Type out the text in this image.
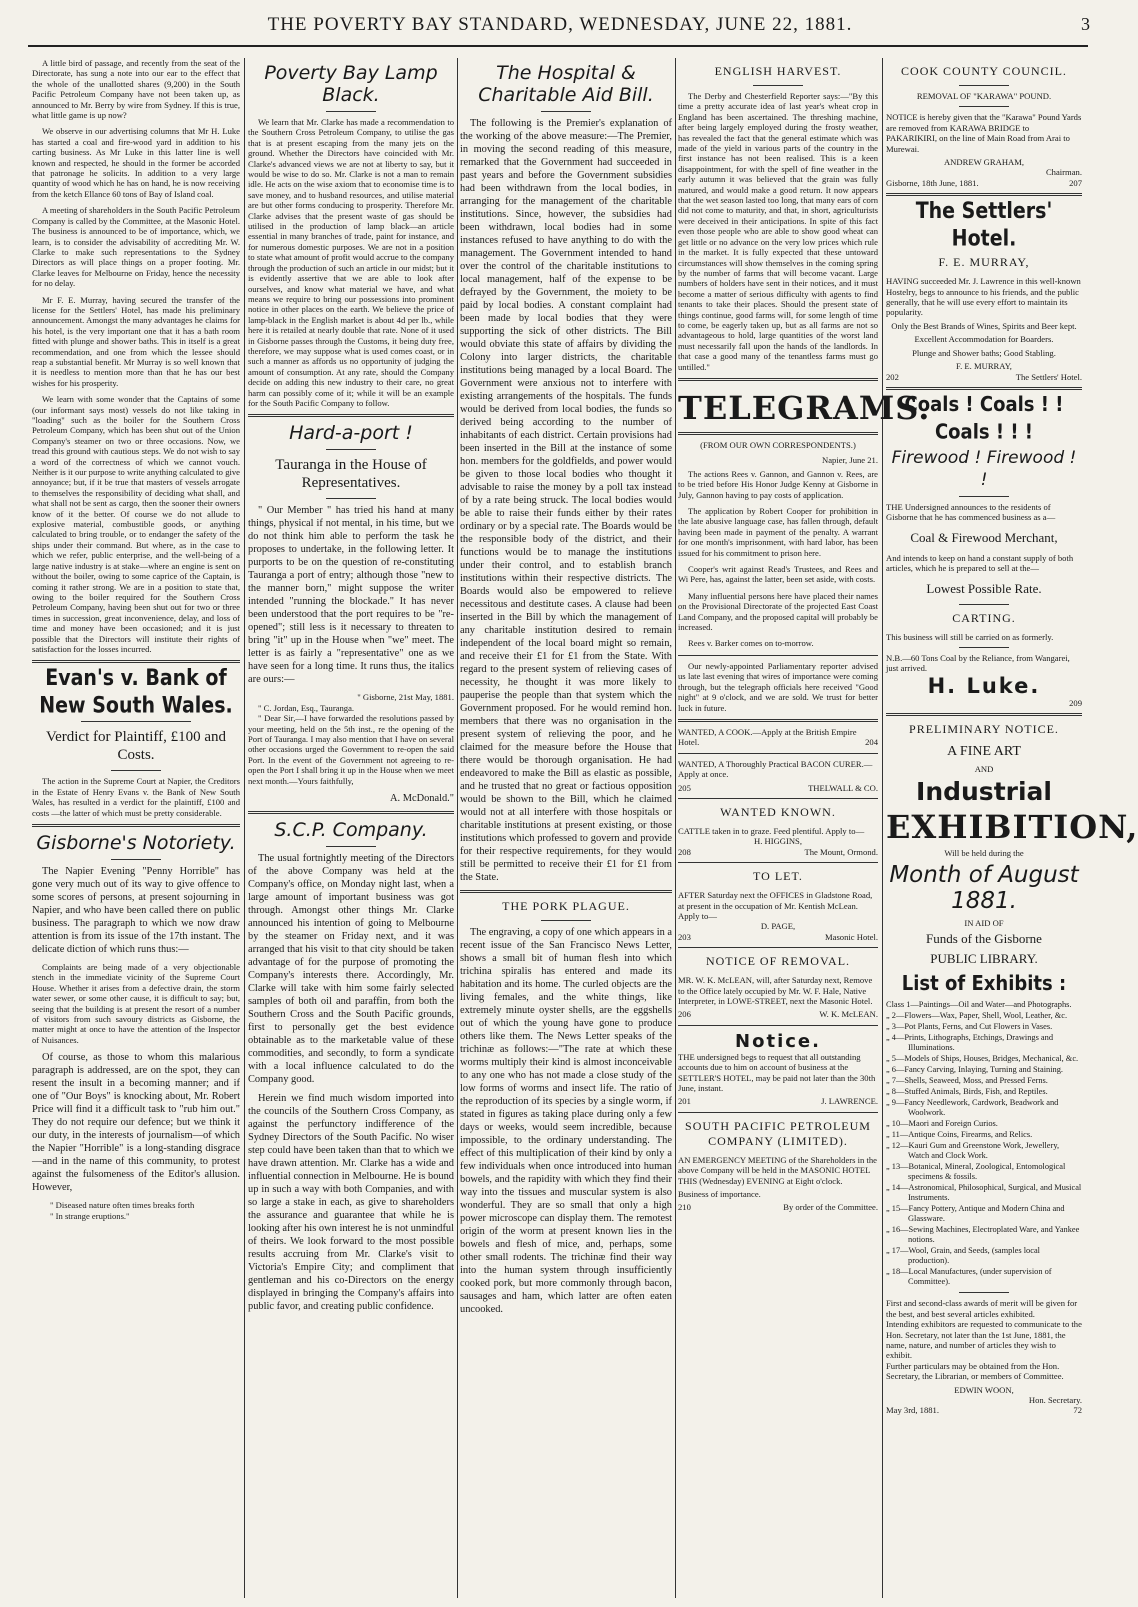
THE POVERTY BAY STANDARD, WEDNESDAY, JUNE 22, 1881.	3

A little bird of passage, and recently from the seat of the Directorate, has sung a note into our ear to the effect that the whole of the unallotted shares (9,200) in the South Pacific Petroleum Company have not been taken up, as announced to Mr. Berry by wire from Sydney. If this is true, what little game is up now?

We observe in our advertising columns that Mr H. Luke has started a coal and fire-wood yard in addition to his carting business. As Mr Luke in this latter line is well known and respected, he should in the former be accorded that patronage he solicits. In addition to a very large quantity of wood which he has on hand, he is now receiving from the ketch Ellance 60 tons of Bay of Island coal.

A meeting of shareholders in the South Pacific Petroleum Company is called by the Committee, at the Masonic Hotel. The business is announced to be of importance, which, we learn, is to consider the advisability of accrediting Mr. W. Clarke to make such representations to the Sydney Directors as will place things on a proper footing. Mr. Clarke leaves for Melbourne on Friday, hence the necessity for no delay.

Mr F. E. Murray, having secured the transfer of the license for the Settlers' Hotel, has made his preliminary announcement. Amongst the many advantages he claims for his hotel, is the very important one that it has a bath room fitted with plunge and shower baths. This in itself is a great recommendation, and one from which the lessee should reap a substantial benefit. Mr Murray is so well known that it is needless to mention more than that he has our best wishes for his prosperity.

We learn with some wonder that the Captains of some (our informant says most) vessels do not like taking in "loading" such as the boiler for the Southern Cross Petroleum Company, which has been shut out of the Union Company's steamer on two or three occasions. Now, we tread this ground with cautious steps. We do not wish to say a word of the correctness of which we cannot vouch. Neither is it our purpose to write anything calculated to give annoyance; but, if it be true that masters of vessels arrogate to themselves the responsibility of deciding what shall, and what shall not be sent as cargo, then the sooner their owners know of it the better. Of course we do not allude to explosive material, combustible goods, or anything calculated to bring trouble, or to endanger the safety of the ships under their command. But where, as in the case to which we refer, public enterprise, and the well-being of a large native industry is at stake—where an engine is sent on without the boiler, owing to some caprice of the Captain, is coming it rather strong. We are in a position to state that, owing to the boiler required for the Southern Cross Petroleum Company, having been shut out for two or three times in succession, great inconvenience, delay, and loss of time and money have been occasioned; and it is just possible that the Directors will institute their rights of satisfaction for the losses incurred.

Evan's v. Bank of New South Wales.
Verdict for Plaintiff, £100 and Costs.

The action in the Supreme Court at Napier, the Creditors in the Estate of Henry Evans v. the Bank of New South Wales, has resulted in a verdict for the plaintiff, £100 and costs —the latter of which must be pretty considerable.

Gisborne's Notoriety.

The Napier Evening "Penny Horrible" has gone very much out of its way to give offence to some scores of persons, at present sojourning in Napier, and who have been called there on public business. The paragraph to which we now draw attention is from its issue of the 17th instant. The delicate diction of which runs thus:—

Complaints are being made of a very objectionable stench in the immediate vicinity of the Supreme Court House. Whether it arises from a defective drain, the storm water sewer, or some other cause, it is difficult to say; but, seeing that the building is at present the resort of a number of visitors from such savoury districts as Gisborne, the matter might at once to have the attention of the Inspector of Nuisances.

Of course, as those to whom this malarious paragraph is addressed, are on the spot, they can resent the insult in a becoming manner; and if one of "Our Boys" is knocking about, Mr. Robert Price will find it a difficult task to "rub him out." They do not require our defence; but we think it our duty, in the interests of journalism—of which the Napier "Horrible" is a long-standing disgrace—and in the name of this community, to protest against the fulsomeness of the Editor's allusion. However,

" Diseased nature often times breaks forth
" In strange eruptions."
Poverty Bay Lamp Black.

We learn that Mr. Clarke has made a recommendation to the Southern Cross Petroleum Company, to utilise the gas that is at present escaping from the many jets on the ground. Whether the Directors have coincided with Mr. Clarke's advanced views we are not at liberty to say, but it would be wise to do so. Mr. Clarke is not a man to remain idle. He acts on the wise axiom that to economise time is to save money, and to husband resources, and utilise material are but other forms conducing to prosperity. Therefore Mr. Clarke advises that the present waste of gas should be utilised in the production of lamp black—an article essential in many branches of trade, paint for instance, and for numerous domestic purposes. We are not in a position to state what amount of profit would accrue to the company through the production of such an article in our midst; but it is evidently assertive that we are able to look after ourselves, and know what material we have, and what means we require to bring our possessions into prominent notice in other places on the earth. We believe the price of lamp-black in the English market is about 4d per lb., while here it is retailed at nearly double that rate. None of it used in Gisborne passes through the Customs, it being duty free, therefore, we may suppose what is used comes coast, or in such a manner as affords us no opportunity of judging the amount of consumption. At any rate, should the Company decide on adding this new industry to their care, no great harm can possibly come of it; while it will be an example for the South Pacific Company to follow.

Hard-a-port !
Tauranga in the House of Representatives.

" Our Member " has tried his hand at many things, physical if not mental, in his time, but we do not think him able to perform the task he proposes to undertake, in the following letter. It purports to be on the question of re-constituting Tauranga a port of entry; although those "new to the manner born," might suppose the writer intended "running the blockade." It has never been understood that the port requires to be "re-opened"; still less is it necessary to threaten to bring "it" up in the House when "we" meet. The letter is as fairly a "representative" one as we have seen for a long time. It runs thus, the italics are ours:—

" Gisborne, 21st May, 1881.
" C. Jordan, Esq., Tauranga.

" Dear Sir,—I have forwarded the resolutions passed by your meeting, held on the 5th inst., re the opening of the Port of Tauranga. I may also mention that I have on several other occasions urged the Government to re-open the said Port. In the event of the Government not agreeing to re-open the Port I shall bring it up in the House when we meet next month.—Yours faithfully,

A. McDonald."
S.C.P. Company.

The usual fortnightly meeting of the Directors of the above Company was held at the Company's office, on Monday night last, when a large amount of important business was got through. Amongst other things Mr. Clarke announced his intention of going to Melbourne by the steamer on Friday next, and it was arranged that his visit to that city should be taken advantage of for the purpose of promoting the Company's interests there. Accordingly, Mr. Clarke will take with him some fairly selected samples of both oil and paraffin, from both the Southern Cross and the South Pacific grounds, first to personally get the best evidence obtainable as to the marketable value of these commodities, and secondly, to form a syndicate with a local influence calculated to do the Company good.

Herein we find much wisdom imported into the councils of the Southern Cross Company, as against the perfunctory indifference of the Sydney Directors of the South Pacific. No wiser step could have been taken than that to which we have drawn attention. Mr. Clarke has a wide and influential connection in Melbourne. He is bound up in such a way with both Companies, and with so large a stake in each, as give to shareholders the assurance and guarantee that while he is looking after his own interest he is not unmindful of theirs. We look forward to the most possible results accruing from Mr. Clarke's visit to Victoria's Empire City; and compliment that gentleman and his co-Directors on the energy displayed in bringing the Company's affairs into public favor, and creating public confidence.

The Hospital & Charitable Aid Bill.

The following is the Premier's explanation of the working of the above measure:—The Premier, in moving the second reading of this measure, remarked that the Government had succeeded in past years and before the Government subsidies had been withdrawn from the local bodies, in arranging for the management of the charitable institutions. Since, however, the subsidies had been withdrawn, local bodies had in some instances refused to have anything to do with the management. The Government intended to hand over the control of the charitable institutions to local management, half of the expense to be defrayed by the Government, the moiety to be paid by local bodies. A constant complaint had been made by local bodies that they were supporting the sick of other districts. The Bill would obviate this state of affairs by dividing the Colony into larger districts, the charitable institutions being managed by a local Board. The Government were anxious not to interfere with existing arrangements of the hospitals. The funds would be derived from local bodies, the funds so derived being according to the number of inhabitants of each district. Certain provisions had been inserted in the Bill at the instance of some hon. members for the goldfields, and power would be given to those local bodies who thought it advisable to raise the money by a poll tax instead of by a rate being struck. The local bodies would be able to raise their funds either by their rates ordinary or by a special rate. The Boards would be the responsible body of the district, and their functions would be to manage the institutions under their control, and to establish branch institutions within their respective districts. The Boards would also be empowered to relieve necessitous and destitute cases. A clause had been inserted in the Bill by which the management of any charitable institution desired to remain independent of the local board might so remain, and receive their £1 for £1 from the State. With regard to the present system of relieving cases of necessity, he thought it was more likely to pauperise the people than that system which the Government proposed. For he would remind hon. members that there was no organisation in the present system of relieving the poor, and he claimed for the measure before the House that there would be thorough organisation. He had endeavored to make the Bill as elastic as possible, and he trusted that no great or factious opposition would be shown to the Bill, which he claimed would not at all interfere with those hospitals or charitable institutions at present existing, or those institutions which professed to govern and provide for their respective requirements, for they would still be permitted to receive their £1 for £1 from the State.

THE PORK PLAGUE.

The engraving, a copy of one which appears in a recent issue of the San Francisco News Letter, shows a small bit of human flesh into which trichina spiralis has entered and made its habitation and its home. The curled objects are the living females, and the white things, like extremely minute oyster shells, are the eggshells out of which the young have gone to produce others like them. The News Letter speaks of the trichinæ as follows:—"The rate at which these worms multiply their kind is almost inconceivable to any one who has not made a close study of the low forms of worms and insect life. The ratio of the reproduction of its species by a single worm, if stated in figures as taking place during only a few days or weeks, would seem incredible, because impossible, to the ordinary understanding. The effect of this multiplication of their kind by only a few individuals when once introduced into human bowels, and the rapidity with which they find their way into the tissues and muscular system is also wonderful. They are so small that only a high power microscope can display them. The remotest origin of the worm at present known lies in the bowels and flesh of mice, and, perhaps, some other small rodents. The trichinæ find their way into the human system through insufficiently cooked pork, but more commonly through bacon, sausages and ham, which latter are often eaten uncooked.

ENGLISH HARVEST.

The Derby and Chesterfield Reporter says:—"By this time a pretty accurate idea of last year's wheat crop in England has been ascertained. The threshing machine, after being largely employed during the frosty weather, has revealed the fact that the general estimate which was made of the yield in various parts of the country in the first instance has not been realised. This is a keen disappointment, for with the spell of fine weather in the early autumn it was believed that the grain was fully matured, and would make a good return. It now appears that the wet season lasted too long, that many ears of corn did not come to maturity, and that, in short, agriculturists were deceived in their anticipations. In spite of this fact even those people who are able to show good wheat can get little or no advance on the very low prices which rule in the market. It is fully expected that these untoward circumstances will show themselves in the coming spring by the number of farms that will become vacant. Large numbers of holders have sent in their notices, and it must become a matter of serious difficulty with agents to find tenants to take their places. Should the present state of things continue, good farms will, for some length of time to come, be eagerly taken up, but as all farms are not so advantageous to hold, large quantities of the worst land must necessarily fall upon the hands of the landlords. In that case a good many of the tenantless farms must go untilled."

TELEGRAMS.
(FROM OUR OWN CORRESPONDENTS.)
Napier, June 21.

The actions Rees v. Gannon, and Gannon v. Rees, are to be tried before His Honor Judge Kenny at Gisborne in July, Gannon having to pay costs of application.

The application by Robert Cooper for prohibition in the late abusive language case, has fallen through, default having been made in payment of the penalty. A warrant for one month's imprisonment, with hard labor, has been issued for his commitment to prison here.

Cooper's writ against Read's Trustees, and Rees and Wi Pere, has, against the latter, been set aside, with costs.

Many influential persons here have placed their names on the Provisional Directorate of the projected East Coast Land Company, and the proposed capital will probably be increased.

Rees v. Barker comes on to-morrow.

Our newly-appointed Parliamentary reporter advised us late last evening that wires of importance were coming through, but the telegraph officials here received "Good night" at 9 o'clock, and we are sold. We trust for better luck in future.

WANTED, A COOK.—Apply at the British Empire Hotel.	204
WANTED, A Thoroughly Practical BACON CURER.—Apply at once.
205	THELWALL & CO.
WANTED KNOWN.
CATTLE taken in to graze. Feed plentiful. Apply to—
H. HIGGINS,
208	The Mount, Ormond.
TO LET.
AFTER Saturday next the OFFICES in Gladstone Road, at present in the occupation of Mr. Kentish McLean. Apply to—
D. PAGE,
203	Masonic Hotel.
NOTICE OF REMOVAL.
MR. W. K. McLEAN, will, after Saturday next, Remove to the Office lately occupied by Mr. W. F. Hale, Native Interpreter, in LOWE-STREET, next the Masonic Hotel.
206	W. K. McLEAN.
Notice.
THE undersigned begs to request that all outstanding accounts due to him on account of business at the SETTLER'S HOTEL, may be paid not later than the 30th June, instant.
201	J. LAWRENCE.
SOUTH PACIFIC PETROLEUM COMPANY (LIMITED).
AN EMERGENCY MEETING of the Shareholders in the above Company will be held in the MASONIC HOTEL THIS (Wednesday) EVENING at Eight o'clock.
Business of importance.
210	By order of the Committee.
COOK COUNTY COUNCIL.
REMOVAL OF "KARAWA" POUND.
NOTICE is hereby given that the "Karawa" Pound Yards are removed from KARAWA BRIDGE to PAKARIKIRI, on the line of Main Road from Arai to Murewai.
ANDREW GRAHAM,
Chairman.
Gisborne, 18th June, 1881.	207
The Settlers' Hotel.
F. E. MURRAY,
HAVING succeeded Mr. J. Lawrence in this well-known Hostelry, begs to announce to his friends, and the public generally, that he will use every effort to maintain its popularity.
Only the Best Brands of Wines, Spirits and Beer kept.
Excellent Accommodation for Boarders.
Plunge and Shower baths; Good Stabling.
F. E. MURRAY,
202	The Settlers' Hotel.
Coals ! Coals ! ! Coals ! ! !
Firewood ! Firewood ! !
THE Undersigned announces to the residents of Gisborne that he has commenced business as a—
Coal & Firewood Merchant,
And intends to keep on hand a constant supply of both articles, which he is prepared to sell at the—
Lowest Possible Rate.
CARTING.
This business will still be carried on as formerly.
N.B.—60 Tons Coal by the Reliance, from Wangarei, just arrived.
H. Luke.
209
PRELIMINARY NOTICE.
A FINE ART
AND
Industrial
EXHIBITION,
Will be held during the
Month of August 1881.
IN AID OF
Funds of the Gisborne
PUBLIC LIBRARY.
List of Exhibits :
Class 1—Paintings—Oil and Water—and Photographs.
„ 2—Flowers—Wax, Paper, Shell, Wool, Leather, &c.
„ 3—Pot Plants, Ferns, and Cut Flowers in Vases.
„ 4—Prints, Lithographs, Etchings, Drawings and Illuminations.
„ 5—Models of Ships, Houses, Bridges, Mechanical, &c.
„ 6—Fancy Carving, Inlaying, Turning and Staining.
„ 7—Shells, Seaweed, Moss, and Pressed Ferns.
„ 8—Stuffed Animals, Birds, Fish, and Reptiles.
„ 9—Fancy Needlework, Cardwork, Beadwork and Woolwork.
„ 10—Maori and Foreign Curios.
„ 11—Antique Coins, Firearms, and Relics.
„ 12—Kauri Gum and Greenstone Work, Jewellery, Watch and Clock Work.
„ 13—Botanical, Mineral, Zoological, Entomological specimens & fossils.
„ 14—Astronomical, Philosophical, Surgical, and Musical Instruments.
„ 15—Fancy Pottery, Antique and Modern China and Glassware.
„ 16—Sewing Machines, Electroplated Ware, and Yankee notions.
„ 17—Wool, Grain, and Seeds, (samples local production).
„ 18—Local Manufactures, (under supervision of Committee).
First and second-class awards of merit will be given for the best, and best several articles exhibited.
Intending exhibitors are requested to communicate to the Hon. Secretary, not later than the 1st June, 1881, the name, nature, and number of articles they wish to exhibit.
Further particulars may be obtained from the Hon. Secretary, the Librarian, or members of Committee.
EDWIN WOON,
Hon. Secretary.
May 3rd, 1881.	72
